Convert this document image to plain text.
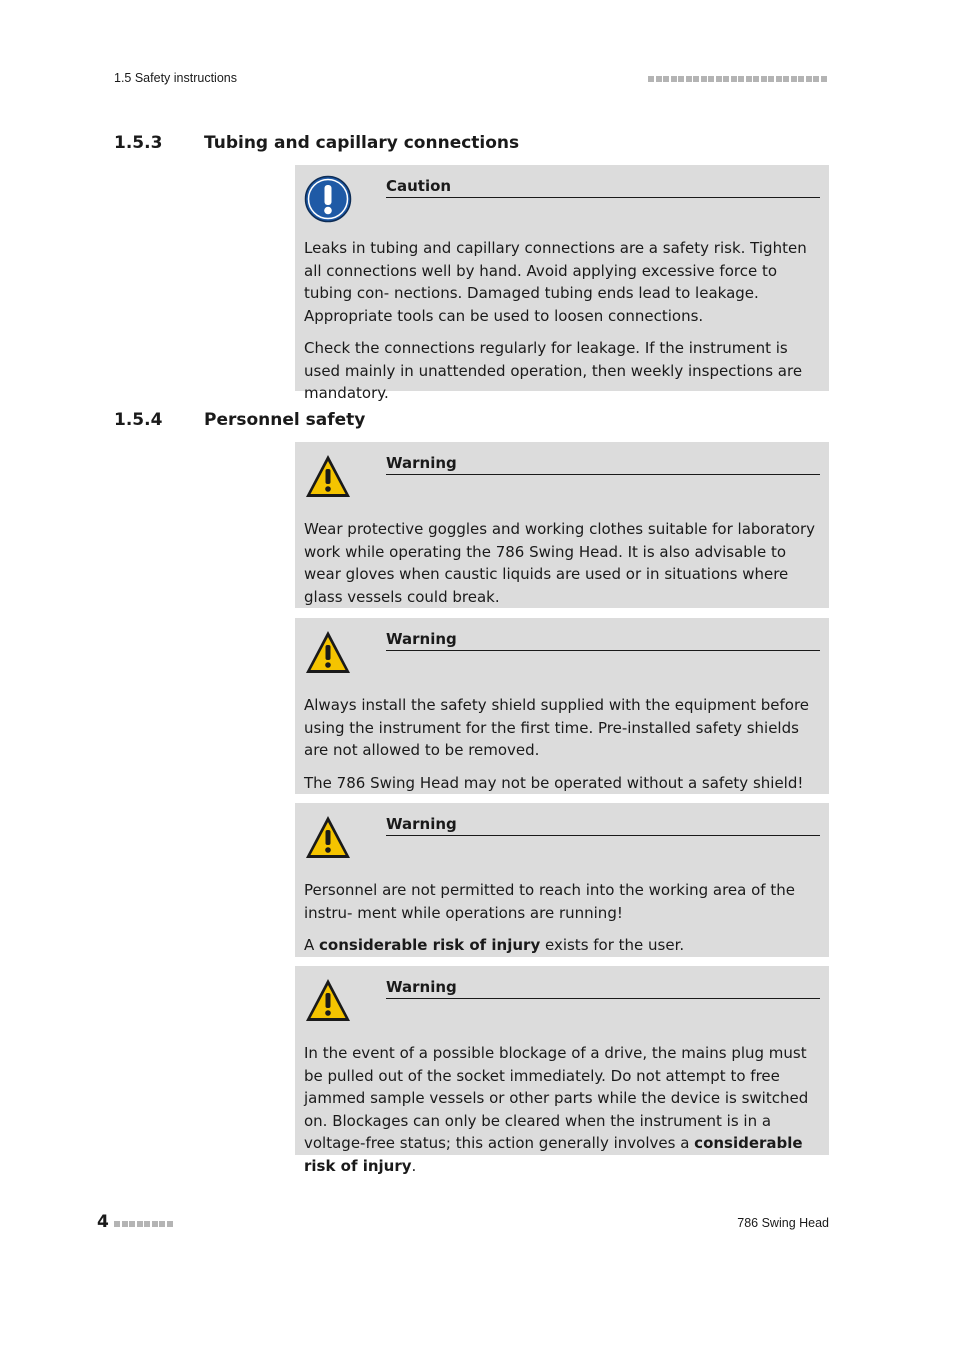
1.5 Safety instructions
1.5.3	Tubing and capillary connections
Caution

Leaks in tubing and capillary connections are a safety risk. Tighten all connections well by hand. Avoid applying excessive force to tubing con- nections. Damaged tubing ends lead to leakage. Appropriate tools can be used to loosen connections.

Check the connections regularly for leakage. If the instrument is used mainly in unattended operation, then weekly inspections are mandatory.

1.5.4	Personnel safety
Warning

Wear protective goggles and working clothes suitable for laboratory work while operating the 786 Swing Head. It is also advisable to wear gloves when caustic liquids are used or in situations where glass vessels could break.

Warning

Always install the safety shield supplied with the equipment before using the instrument for the first time. Pre-installed safety shields are not allowed to be removed.

The 786 Swing Head may not be operated without a safety shield!

Warning

Personnel are not permitted to reach into the working area of the instru- ment while operations are running!

A considerable risk of injury exists for the user.

Warning

In the event of a possible blockage of a drive, the mains plug must be pulled out of the socket immediately. Do not attempt to free jammed sample vessels or other parts while the device is switched on. Blockages can only be cleared when the instrument is in a voltage-free status; this action generally involves a considerable risk of injury.

4	786 Swing Head
